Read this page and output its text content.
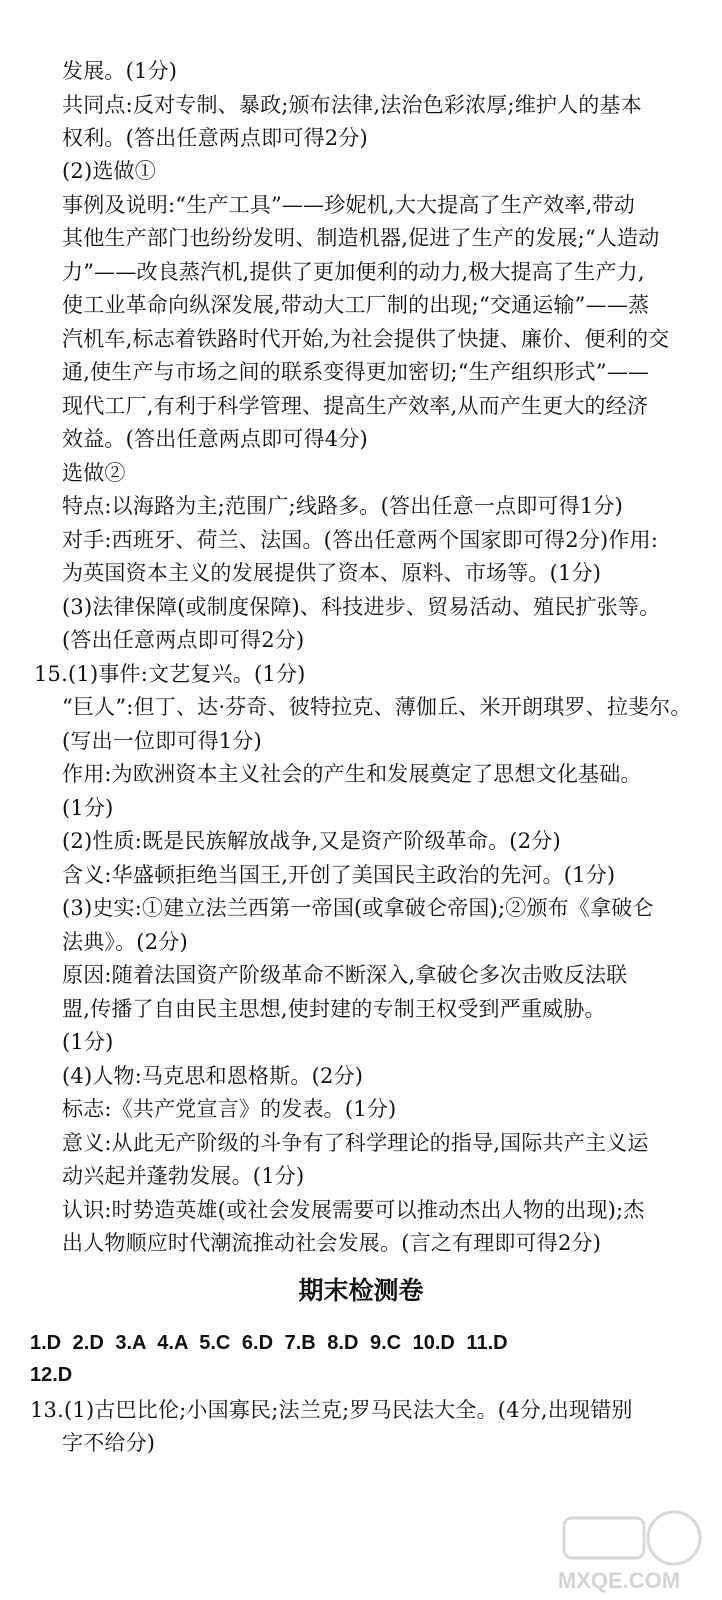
发展。(1分)
共同点:反对专制、暴政;颁布法律,法治色彩浓厚;维护人的基本
权利。(答出任意两点即可得2分)
(2)选做①
事例及说明:“生产工具”——珍妮机,大大提高了生产效率,带动
其他生产部门也纷纷发明、制造机器,促进了生产的发展;“人造动
力”——改良蒸汽机,提供了更加便利的动力,极大提高了生产力,
使工业革命向纵深发展,带动大工厂制的出现;“交通运输”——蒸
汽机车,标志着铁路时代开始,为社会提供了快捷、廉价、便利的交
通,使生产与市场之间的联系变得更加密切;“生产组织形式”——
现代工厂,有利于科学管理、提高生产效率,从而产生更大的经济
效益。(答出任意两点即可得4分)
选做②
特点:以海路为主;范围广;线路多。(答出任意一点即可得1分)
对手:西班牙、荷兰、法国。(答出任意两个国家即可得2分)作用:
为英国资本主义的发展提供了资本、原料、市场等。(1分)
(3)法律保障(或制度保障)、科技进步、贸易活动、殖民扩张等。
(答出任意两点即可得2分)
15.(1)事件:文艺复兴。(1分)
“巨人”:但丁、达·芬奇、彼特拉克、薄伽丘、米开朗琪罗、拉斐尔。
(写出一位即可得1分)
作用:为欧洲资本主义社会的产生和发展奠定了思想文化基础。
(1分)
(2)性质:既是民族解放战争,又是资产阶级革命。(2分)
含义:华盛顿拒绝当国王,开创了美国民主政治的先河。(1分)
(3)史实:①建立法兰西第一帝国(或拿破仑帝国);②颁布《拿破仑
法典》。(2分)
原因:随着法国资产阶级革命不断深入,拿破仑多次击败反法联
盟,传播了自由民主思想,使封建的专制王权受到严重威胁。
(1分)
(4)人物:马克思和恩格斯。(2分)
标志:《共产党宣言》的发表。(1分)
意义:从此无产阶级的斗争有了科学理论的指导,国际共产主义运
动兴起并蓬勃发展。(1分)
认识:时势造英雄(或社会发展需要可以推动杰出人物的出现);杰
出人物顺应时代潮流推动社会发展。(言之有理即可得2分)
期末检测卷
1.D 2.D 3.A 4.A 5.C 6.D 7.B 8.D 9.C 10.D 11.D
12.D
13.(1)古巴比伦;小国寡民;法兰克;罗马民法大全。(4分,出现错别
字不给分)
MXQE.COM
